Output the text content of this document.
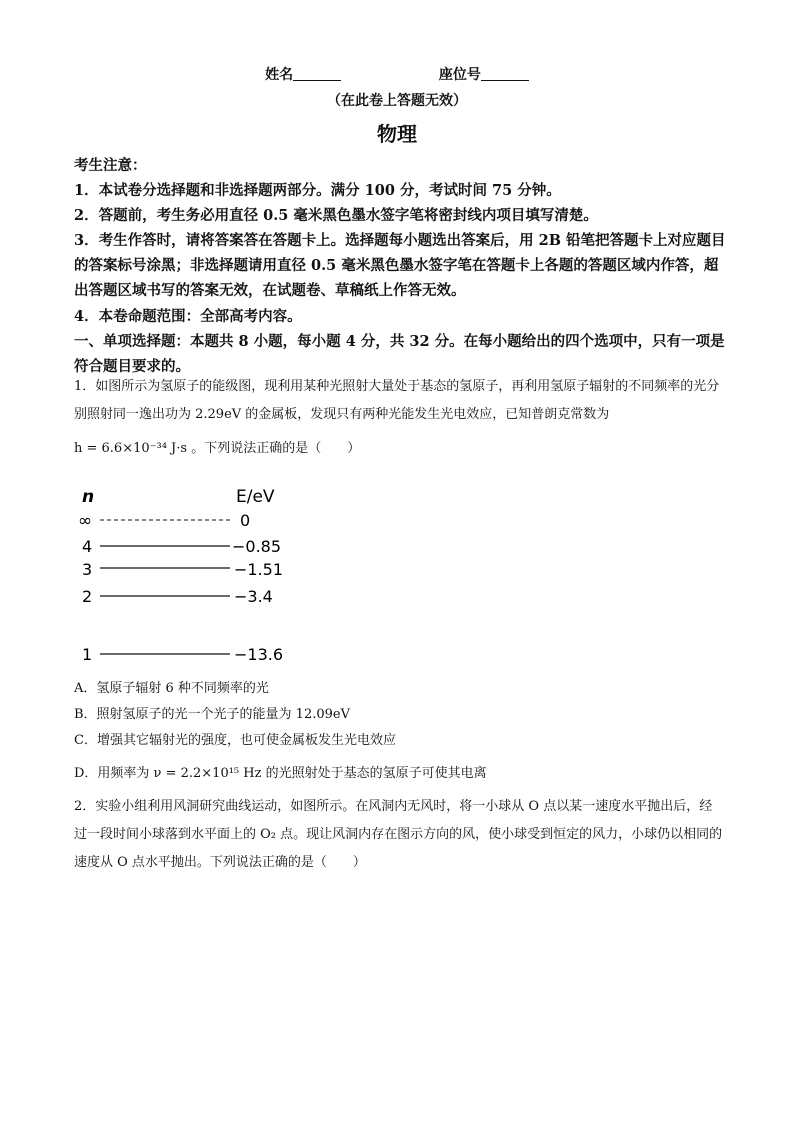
姓名	座位号
（在此卷上答题无效）
物理
考生注意：
1．本试卷分选择题和非选择题两部分。满分 100 分，考试时间 75 分钟。
2．答题前，考生务必用直径 0.5 毫米黑色墨水签字笔将密封线内项目填写清楚。
3．考生作答时，请将答案答在答题卡上。选择题每小题选出答案后，用 2B 铅笔把答题卡上对应题目的答案标号涂黑；非选择题请用直径 0.5 毫米黑色墨水签字笔在答题卡上各题的答题区域内作答，超出答题区域书写的答案无效，在试题卷、草稿纸上作答无效。
4．本卷命题范围：全部高考内容。
一、单项选择题：本题共 8 小题，每小题 4 分，共 32 分。在每小题给出的四个选项中，只有一项是符合题目要求的。
1．如图所示为氢原子的能级图，现利用某种光照射大量处于基态的氢原子，再利用氢原子辐射的不同频率的光分别照射同一逸出功为 2.29eV 的金属板，发现只有两种光能发生光电效应，已知普朗克常数为
h = 6.6×10⁻³⁴ J·s 。下列说法正确的是（　　）
n	E/eV
∞	0
4	−0.85
3	−1.51
2	−3.4
1	−13.6
A．氢原子辐射 6 种不同频率的光
B．照射氢原子的光一个光子的能量为 12.09eV
C．增强其它辐射光的强度，也可使金属板发生光电效应
D．用频率为 ν = 2.2×10¹⁵ Hz 的光照射处于基态的氢原子可使其电离
2．实验小组利用风洞研究曲线运动，如图所示。在风洞内无风时，将一小球从 O 点以某一速度水平抛出后，经过一段时间小球落到水平面上的 O₂ 点。现让风洞内存在图示方向的风，使小球受到恒定的风力，小球仍以相同的速度从 O 点水平抛出。下列说法正确的是（　　）
